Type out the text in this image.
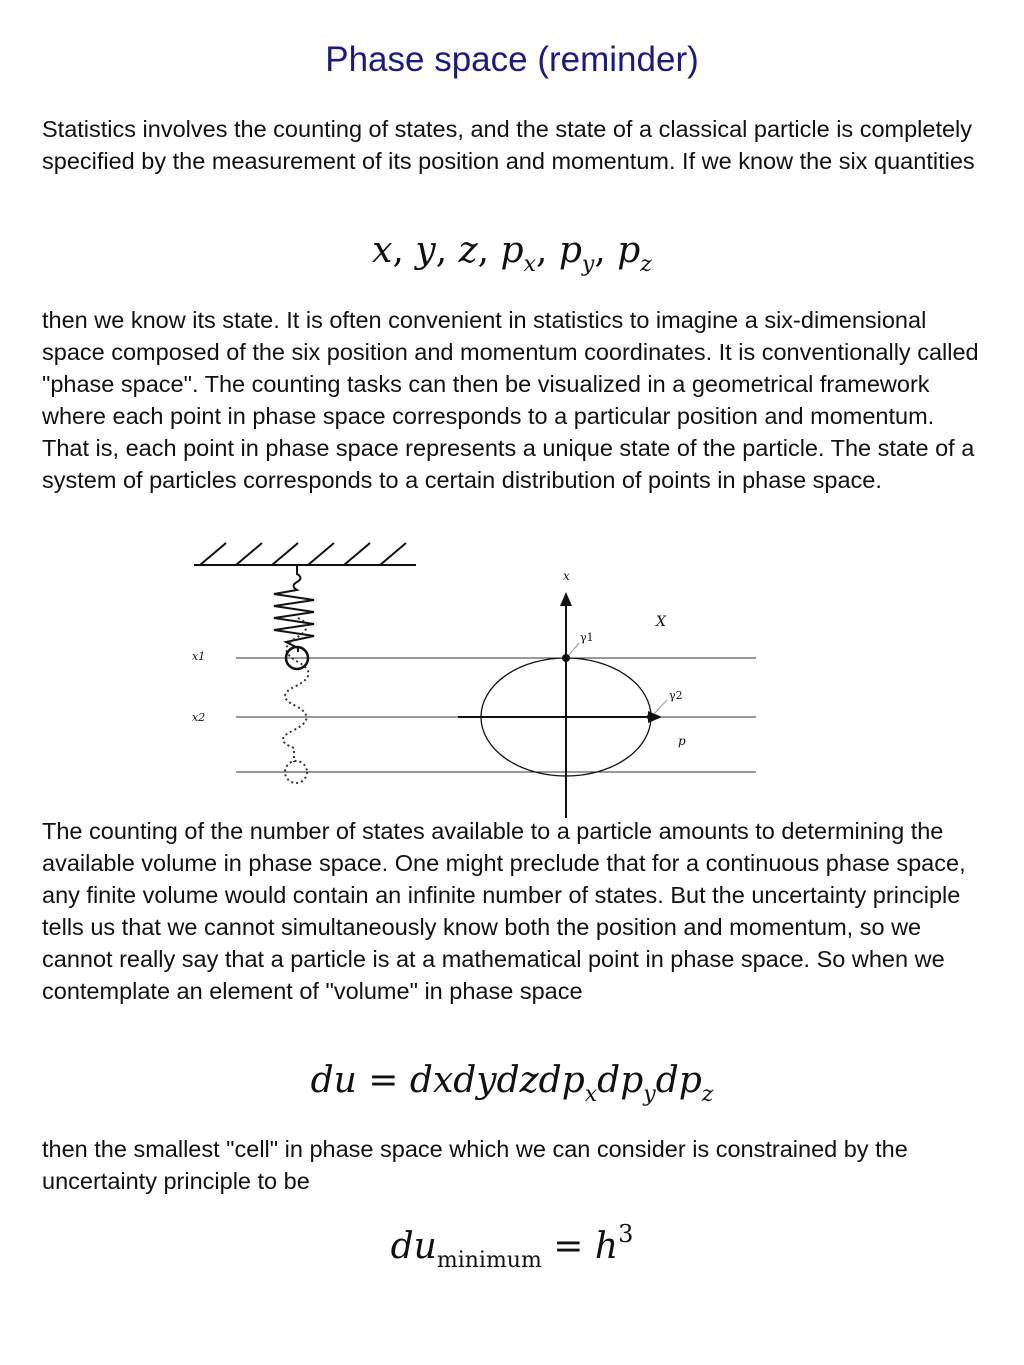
Phase space (reminder)

Statistics involves the counting of states, and the state of a classical particle is completely specified by the measurement of its position and momentum. If we know the six quantities

x, y, z, $p_x$, $p_y$, $p_z$

then we know its state. It is often convenient in statistics to imagine a six-dimensional space composed of the six position and momentum coordinates. It is conventionally called "phase space". The counting tasks can then be visualized in a geometrical framework where each point in phase space corresponds to a particular position and momentum. That is, each point in phase space represents a unique state of the particle. The state of a system of particles corresponds to a certain distribution of points in phase space.

x
p
X
γ1
γ2
x1
x2

The counting of the number of states available to a particle amounts to determining the available volume in phase space. One might preclude that for a continuous phase space, any finite volume would contain an infinite number of states. But the uncertainty principle tells us that we cannot simultaneously know both the position and momentum, so we cannot really say that a particle is at a mathematical point in phase space. So when we contemplate an element of "volume" in phase space

du = $dxdydzdp_xdp_ydp_z$

then the smallest "cell" in phase space which we can consider is constrained by the uncertainty principle to be

$du_{minimum} = h^3$
